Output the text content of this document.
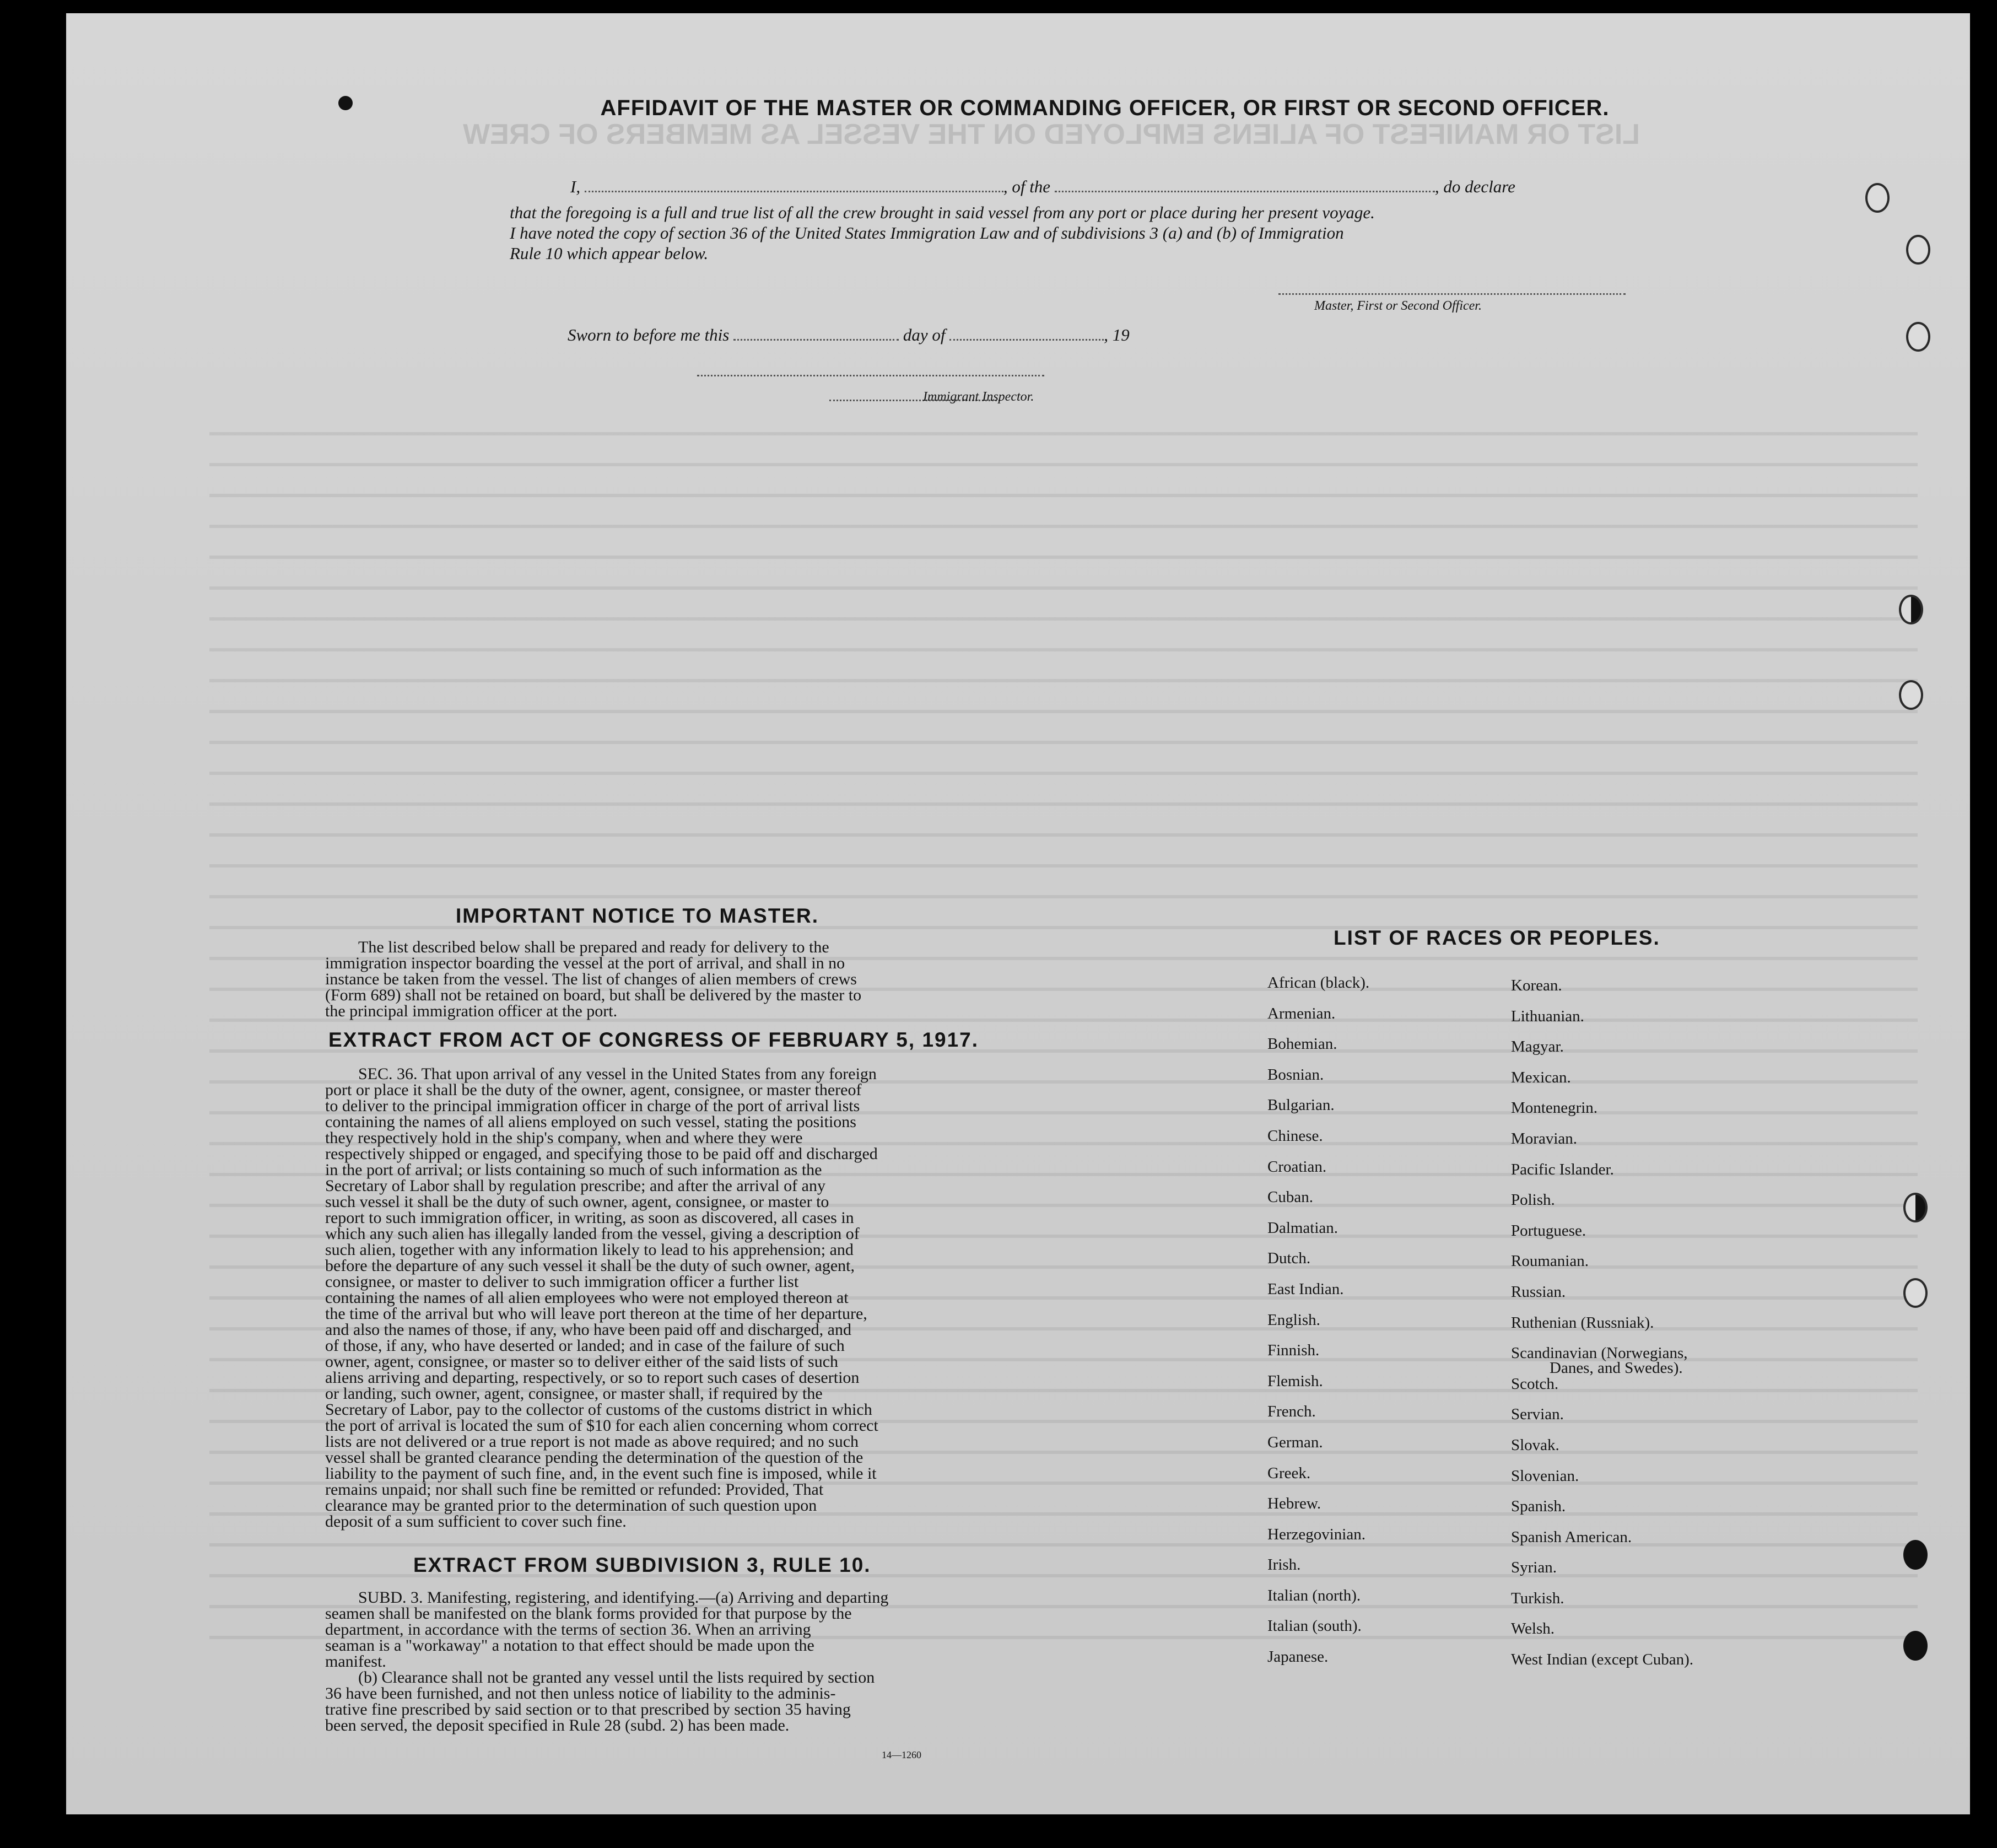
LIST OR MANIFEST OF ALIENS EMPLOYED ON THE VESSEL AS MEMBERS OF CREW
AFFIDAVIT OF THE MASTER OR COMMANDING OFFICER, OR FIRST OR SECOND OFFICER.
I,	, of the	, do declare
that the foregoing is a full and true list of all the crew brought in said vessel from any port or place during her present voyage.
I have noted the copy of section 36 of the United States Immigration Law and of subdivisions 3 (a) and (b) of Immigration
Rule 10 which appear below.
Master, First or Second Officer.
Sworn to before me this	day of	, 19
Immigrant Inspector.
IMPORTANT NOTICE TO MASTER.
The list described below shall be prepared and ready for delivery to the
immigration inspector boarding the vessel at the port of arrival, and shall in no
instance be taken from the vessel. The list of changes of alien members of crews
(Form 689) shall not be retained on board, but shall be delivered by the master to
the principal immigration officer at the port.
EXTRACT FROM ACT OF CONGRESS OF FEBRUARY 5, 1917.
SEC. 36. That upon arrival of any vessel in the United States from any foreign
port or place it shall be the duty of the owner, agent, consignee, or master thereof
to deliver to the principal immigration officer in charge of the port of arrival lists
containing the names of all aliens employed on such vessel, stating the positions
they respectively hold in the ship's company, when and where they were
respectively shipped or engaged, and specifying those to be paid off and discharged
in the port of arrival; or lists containing so much of such information as the
Secretary of Labor shall by regulation prescribe; and after the arrival of any
such vessel it shall be the duty of such owner, agent, consignee, or master to
report to such immigration officer, in writing, as soon as discovered, all cases in
which any such alien has illegally landed from the vessel, giving a description of
such alien, together with any information likely to lead to his apprehension; and
before the departure of any such vessel it shall be the duty of such owner, agent,
consignee, or master to deliver to such immigration officer a further list
containing the names of all alien employees who were not employed thereon at
the time of the arrival but who will leave port thereon at the time of her departure,
and also the names of those, if any, who have been paid off and discharged, and
of those, if any, who have deserted or landed; and in case of the failure of such
owner, agent, consignee, or master so to deliver either of the said lists of such
aliens arriving and departing, respectively, or so to report such cases of desertion
or landing, such owner, agent, consignee, or master shall, if required by the
Secretary of Labor, pay to the collector of customs of the customs district in which
the port of arrival is located the sum of $10 for each alien concerning whom correct
lists are not delivered or a true report is not made as above required; and no such
vessel shall be granted clearance pending the determination of the question of the
liability to the payment of such fine, and, in the event such fine is imposed, while it
remains unpaid; nor shall such fine be remitted or refunded: Provided, That
clearance may be granted prior to the determination of such question upon
deposit of a sum sufficient to cover such fine.
EXTRACT FROM SUBDIVISION 3, RULE 10.
SUBD. 3. Manifesting, registering, and identifying.—(a) Arriving and departing
seamen shall be manifested on the blank forms provided for that purpose by the
department, in accordance with the terms of section 36. When an arriving
seaman is a "workaway" a notation to that effect should be made upon the
manifest.
(b) Clearance shall not be granted any vessel until the lists required by section
36 have been furnished, and not then unless notice of liability to the adminis-
trative fine prescribed by said section or to that prescribed by section 35 having
been served, the deposit specified in Rule 28 (subd. 2) has been made.
14—1260
LIST OF RACES OR PEOPLES.
African (black).
Armenian.
Bohemian.
Bosnian.
Bulgarian.
Chinese.
Croatian.
Cuban.
Dalmatian.
Dutch.
East Indian.
English.
Finnish.
Flemish.
French.
German.
Greek.
Hebrew.
Herzegovinian.
Irish.
Italian (north).
Italian (south).
Japanese.
Korean.
Lithuanian.
Magyar.
Mexican.
Montenegrin.
Moravian.
Pacific Islander.
Polish.
Portuguese.
Roumanian.
Russian.
Ruthenian (Russniak).
Scandinavian (Norwegians,
Danes, and Swedes).
Scotch.
Servian.
Slovak.
Slovenian.
Spanish.
Spanish American.
Syrian.
Turkish.
Welsh.
West Indian (except Cuban).
